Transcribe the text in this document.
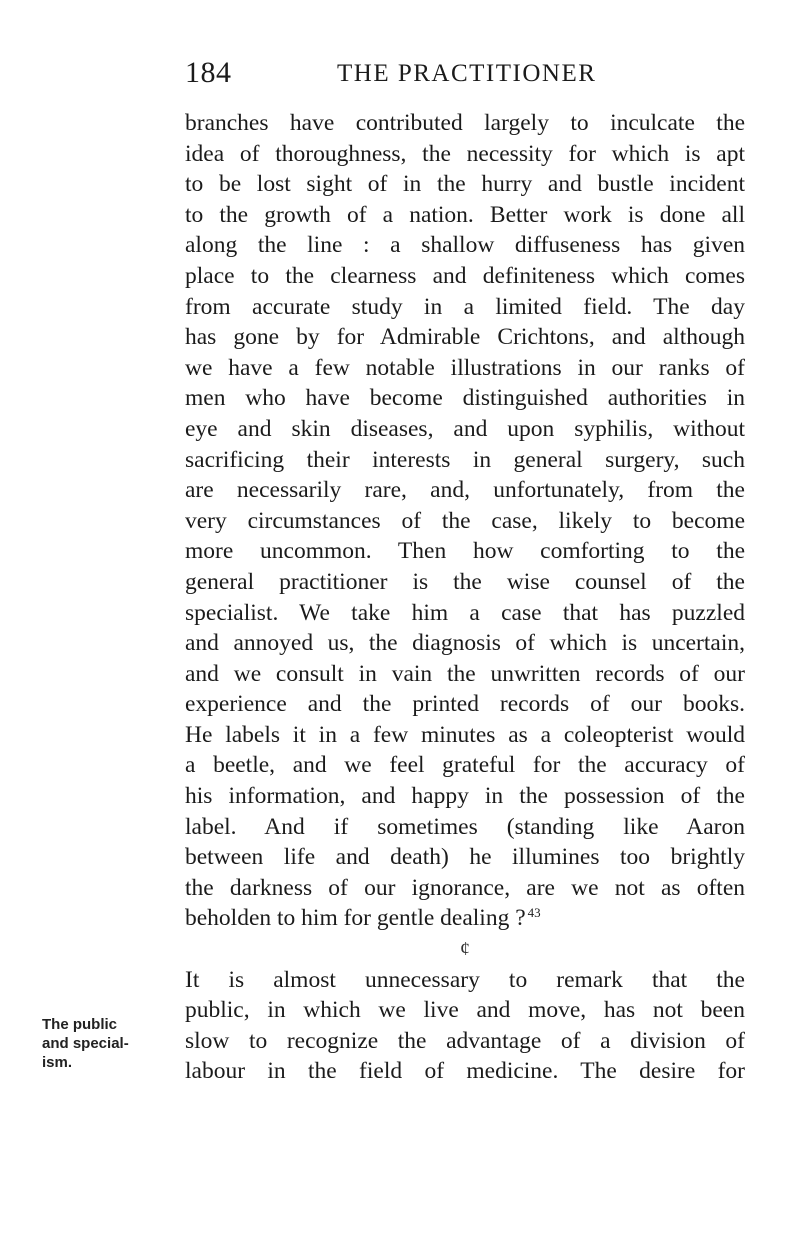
184	THE PRACTITIONER
branches have contributed largely to inculcate the
idea of thoroughness, the necessity for which is apt
to be lost sight of in the hurry and bustle incident
to the growth of a nation. Better work is done all
along the line : a shallow diffuseness has given
place to the clearness and definiteness which comes
from accurate study in a limited field. The day
has gone by for Admirable Crichtons, and although
we have a few notable illustrations in our ranks of
men who have become distinguished authorities in
eye and skin diseases, and upon syphilis, without
sacrificing their interests in general surgery, such
are necessarily rare, and, unfortunately, from the
very circumstances of the case, likely to become
more uncommon. Then how comforting to the
general practitioner is the wise counsel of the
specialist. We take him a case that has puzzled
and annoyed us, the diagnosis of which is uncertain,
and we consult in vain the unwritten records of our
experience and the printed records of our books.
He labels it in a few minutes as a coleopterist would
a beetle, and we feel grateful for the accuracy of
his information, and happy in the possession of the
label. And if sometimes (standing like Aaron
between life and death) he illumines too brightly
the darkness of our ignorance, are we not as often
beholden to him for gentle dealing ? $^{43}$
¢
It is almost unnecessary to remark that the
public, in which we live and move, has not been
slow to recognize the advantage of a division of
labour in the field of medicine. The desire for
The public
and special-
ism.
